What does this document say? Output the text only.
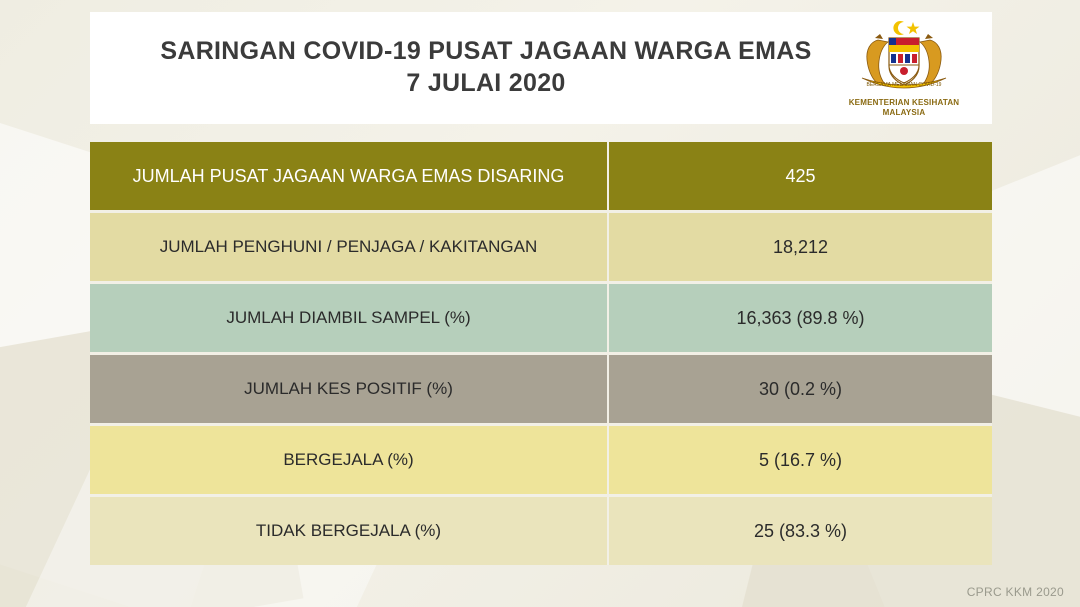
SARINGAN COVID-19 PUSAT JAGAAN WARGA EMAS
7 JULAI 2020	BERSAMA MELAWAN COVID-19
KEMENTERIAN KESIHATAN
MALAYSIA
JUMLAH PUSAT JAGAAN WARGA EMAS DISARING	425
JUMLAH PENGHUNI / PENJAGA / KAKITANGAN	18,212
JUMLAH DIAMBIL SAMPEL (%)	16,363 (89.8 %)
JUMLAH KES POSITIF (%)	30 (0.2 %)
BERGEJALA (%)	5 (16.7 %)
TIDAK BERGEJALA (%)	25 (83.3 %)
CPRC KKM 2020
